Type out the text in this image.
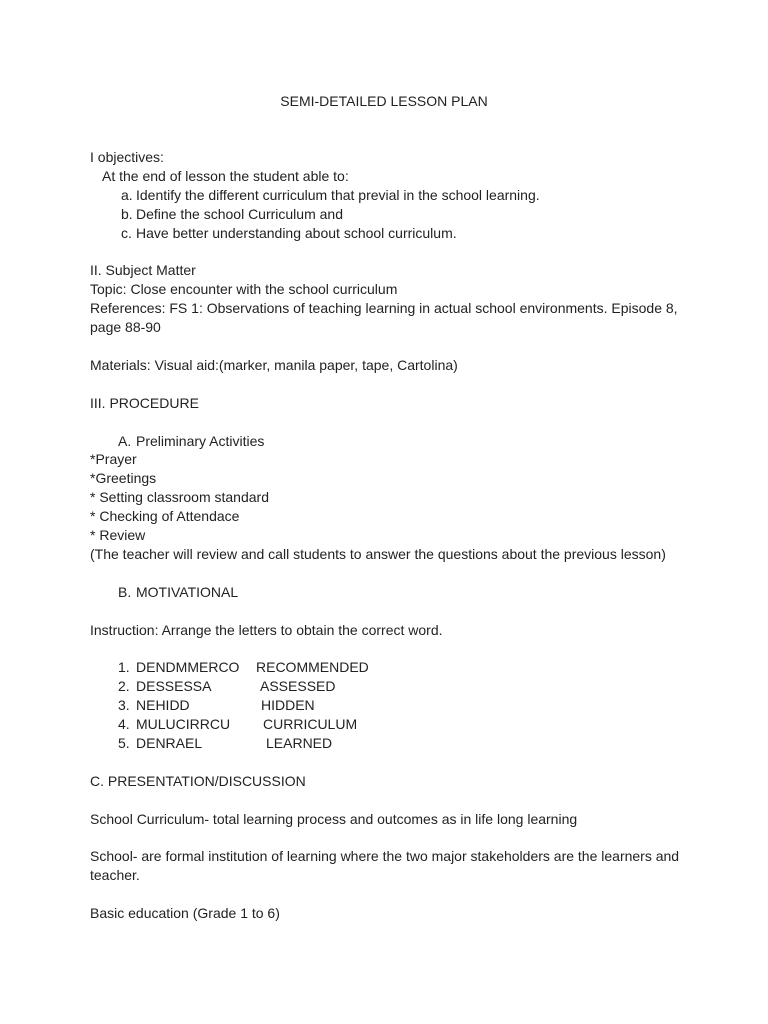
SEMI-DETAILED LESSON PLAN
I objectives:
At the end of lesson the student able to:
a. Identify the different curriculum that previal in the school learning.
b. Define the school Curriculum and
c. Have better understanding about school curriculum.
II. Subject Matter
Topic: Close encounter with the school curriculum
References: FS 1: Observations of teaching learning in actual school environments. Episode 8, page 88-90
Materials: Visual aid:(marker, manila paper, tape, Cartolina)
III. PROCEDURE
A. Preliminary Activities
*Prayer
*Greetings
* Setting classroom standard
* Checking of Attendace
* Review
(The teacher will review and call students to answer the questions about the previous lesson)
B. MOTIVATIONAL
Instruction: Arrange the letters to obtain the correct word.
1. DENDMMERCO	RECOMMENDED
2. DESSESSA	ASSESSED
3. NEHIDD	HIDDEN
4. MULUCIRRCU	CURRICULUM
5. DENRAEL	LEARNED
C. PRESENTATION/DISCUSSION
School Curriculum- total learning process and outcomes as in life long learning
School- are formal institution of learning where the two major stakeholders are the learners and teacher.
Basic education (Grade 1 to 6)
